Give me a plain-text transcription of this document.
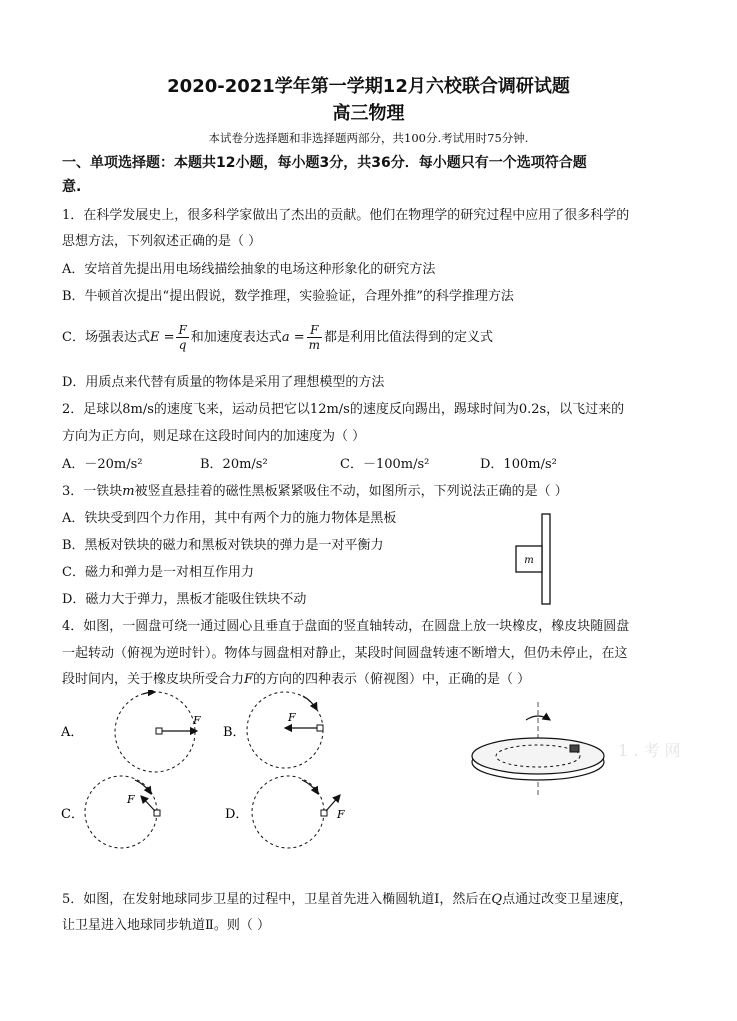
2020-2021学年第一学期12月六校联合调研试题
高三物理
本试卷分选择题和非选择题两部分，共100分.考试用时75分钟.
一、单项选择题：本题共12小题，每小题3分，共36分．每小题只有一个选项符合题
意.
1．在科学发展史上，很多科学家做出了杰出的贡献。他们在物理学的研究过程中应用了很多科学的
思想方法，下列叙述正确的是（ ）
A．安培首先提出用电场线描绘抽象的电场这种形象化的研究方法
B．牛顿首次提出“提出假说，数学推理，实验验证，合理外推”的科学推理方法
C．场强表达式$E = \frac{F}{q}$ 和加速度表达式$a = \frac{F}{m}$ 都是利用比值法得到的定义式
D．用质点来代替有质量的物体是采用了理想模型的方法
2．足球以8m/s的速度飞来，运动员把它以12m/s的速度反向踢出，踢球时间为0.2s，以飞过来的
方向为正方向，则足球在这段时间内的加速度为（ ）
A．－20m/s²	B．20m/s²	C．－100m/s²	D．100m/s²
3．一铁块m被竖直悬挂着的磁性黑板紧紧吸住不动，如图所示，下列说法正确的是（ ）
A．铁块受到四个力作用，其中有两个力的施力物体是黑板
B．黑板对铁块的磁力和黑板对铁块的弹力是一对平衡力
C．磁力和弹力是一对相互作用力
D．磁力大于弹力，黑板才能吸住铁块不动
m
4．如图，一圆盘可绕一通过圆心且垂直于盘面的竖直轴转动，在圆盘上放一块橡皮，橡皮块随圆盘
一起转动（俯视为逆时针）。物体与圆盘相对静止，某段时间圆盘转速不断增大，但仍未停止，在这
段时间内，关于橡皮块所受合力F的方向的四种表示（俯视图）中，正确的是（ ）
A．
F
B．
F
C．
F
D．	F
1 . 考 网
5．如图，在发射地球同步卫星的过程中，卫星首先进入椭圆轨道Ⅰ，然后在Q点通过改变卫星速度，
让卫星进入地球同步轨道Ⅱ。则（ ）
